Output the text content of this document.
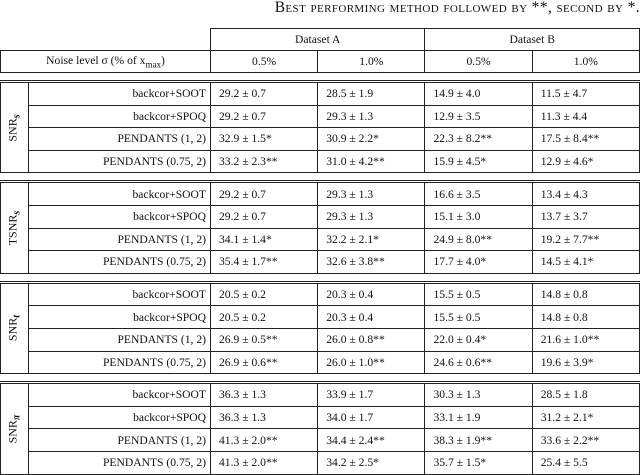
Best performing method followed by **, second by *.
		Dataset A		Dataset B	
Noise level σ (% of $x_{max}$)		0.5%	1.0%	0.5%	1.0%

$SNR_s$	backcor+SOOT	29.2 ± 0.7	28.5 ± 1.9	14.9 ± 4.0	11.5 ± 4.7
	backcor+SPOQ	29.2 ± 0.7	29.3 ± 1.3	12.9 ± 3.5	11.3 ± 4.4
	PENDANTS (1, 2)	32.9 ± 1.5*	30.9 ± 2.2*	22.3 ± 8.2**	17.5 ± 8.4**
	PENDANTS (0.75, 2)	33.2 ± 2.3**	31.0 ± 4.2**	15.9 ± 4.5*	12.9 ± 4.6*

$TSNR_s$	backcor+SOOT	29.2 ± 0.7	29.3 ± 1.3	16.6 ± 3.5	13.4 ± 4.3
	backcor+SPOQ	29.2 ± 0.7	29.3 ± 1.3	15.1 ± 3.0	13.7 ± 3.7
	PENDANTS (1, 2)	34.1 ± 1.4*	32.2 ± 2.1*	24.9 ± 8.0**	19.2 ± 7.7**
	PENDANTS (0.75, 2)	35.4 ± 1.7**	32.6 ± 3.8**	17.7 ± 4.0*	14.5 ± 4.1*

$SNR_t$	backcor+SOOT	20.5 ± 0.2	20.3 ± 0.4	15.5 ± 0.5	14.8 ± 0.8
	backcor+SPOQ	20.5 ± 0.2	20.3 ± 0.4	15.5 ± 0.5	14.8 ± 0.8
	PENDANTS (1, 2)	26.9 ± 0.5**	26.0 ± 0.8**	22.0 ± 0.4*	21.6 ± 1.0**
	PENDANTS (0.75, 2)	26.9 ± 0.6**	26.0 ± 1.0**	24.6 ± 0.6**	19.6 ± 3.9*

$SNR_\pi$	backcor+SOOT	36.3 ± 1.3	33.9 ± 1.7	30.3 ± 1.3	28.5 ± 1.8
	backcor+SPOQ	36.3 ± 1.3	34.0 ± 1.7	33.1 ± 1.9	31.2 ± 2.1*
	PENDANTS (1, 2)	41.3 ± 2.0**	34.4 ± 2.4**	38.3 ± 1.9**	33.6 ± 2.2**
	PENDANTS (0.75, 2)	41.3 ± 2.0**	34.2 ± 2.5*	35.7 ± 1.5*	25.4 ± 5.5
